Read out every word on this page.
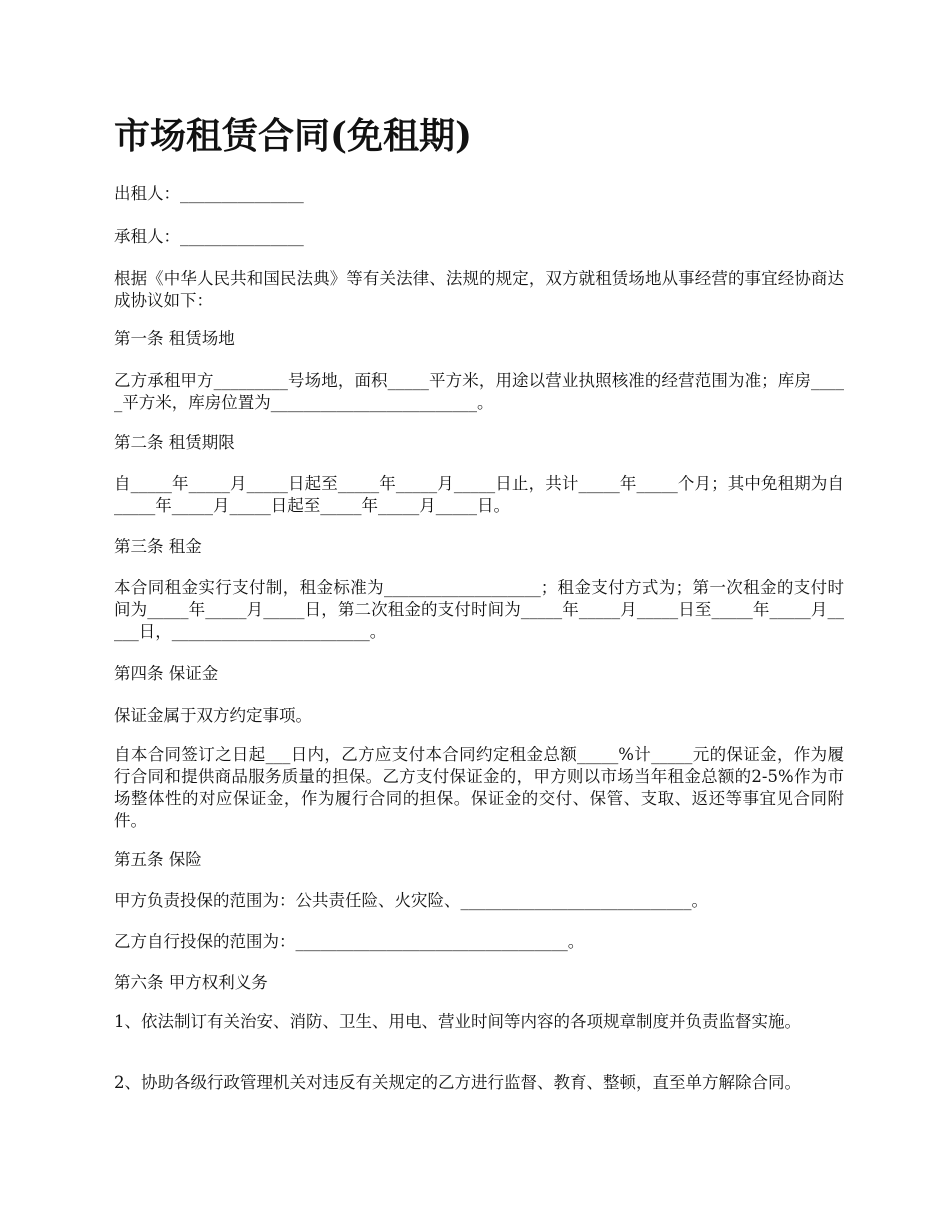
市场租赁合同(免租期)

出租人：_______________

承租人：_______________

根据《中华人民共和国民法典》等有关法律、法规的规定，双方就租赁场地从事经营的事宜经协商达成协议如下：

第一条 租赁场地

乙方承租甲方_________号场地，面积_____平方米，用途以营业执照核准的经营范围为准；库房_____平方米，库房位置为_________________________。

第二条 租赁期限

自_____年_____月_____日起至_____年_____月_____日止，共计_____年_____个月；其中免租期为自_____年_____月_____日起至_____年_____月_____日。

第三条 租金

本合同租金实行支付制，租金标准为___________________；租金支付方式为；第一次租金的支付时间为_____年_____月_____日，第二次租金的支付时间为_____年_____月_____日至_____年_____月_____日，________________________。

第四条 保证金

保证金属于双方约定事项。

自本合同签订之日起___日内，乙方应支付本合同约定租金总额_____%计_____元的保证金，作为履行合同和提供商品服务质量的担保。乙方支付保证金的，甲方则以市场当年租金总额的2-5%作为市场整体性的对应保证金，作为履行合同的担保。保证金的交付、保管、支取、返还等事宜见合同附件。

第五条 保险

甲方负责投保的范围为：公共责任险、火灾险、____________________________。

乙方自行投保的范围为：_________________________________。

第六条 甲方权利义务

1、依法制订有关治安、消防、卫生、用电、营业时间等内容的各项规章制度并负责监督实施。

2、协助各级行政管理机关对违反有关规定的乙方进行监督、教育、整顿，直至单方解除合同。
